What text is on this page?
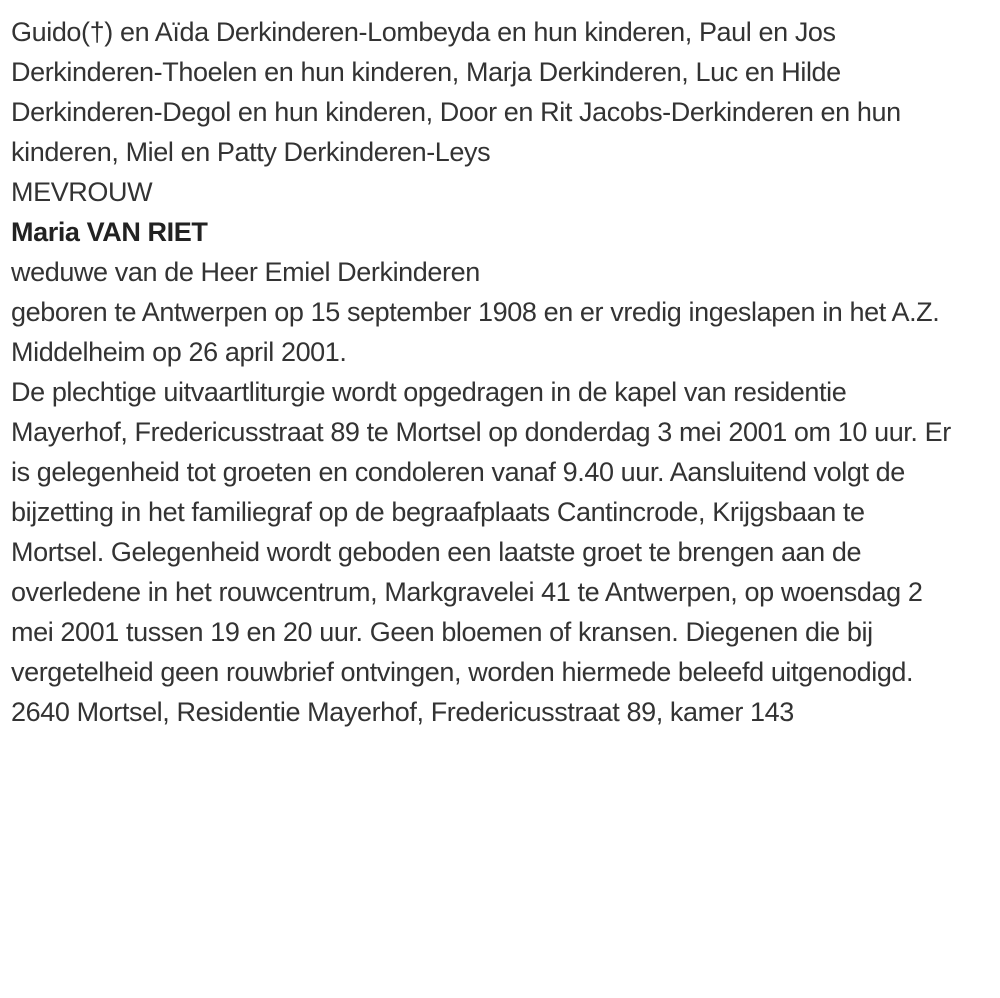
Guido(†) en Aïda Derkinderen-Lombeyda en hun kinderen, Paul en Jos Derkinderen-Thoelen en hun kinderen, Marja Derkinderen, Luc en Hilde Derkinderen-Degol en hun kinderen, Door en Rit Jacobs-Derkinderen en hun kinderen, Miel en Patty Derkinderen-Leys

MEVROUW

Maria VAN RIET

weduwe van de Heer Emiel Derkinderen

geboren te Antwerpen op 15 september 1908 en er vredig ingeslapen in het A.Z. Middelheim op 26 april 2001.

De plechtige uitvaartliturgie wordt opgedragen in de kapel van residentie Mayerhof, Fredericusstraat 89 te Mortsel op donderdag 3 mei 2001 om 10 uur. Er is gelegenheid tot groeten en condoleren vanaf 9.40 uur. Aansluitend volgt de bijzetting in het familiegraf op de begraafplaats Cantincrode, Krijgsbaan te Mortsel. Gelegenheid wordt geboden een laatste groet te brengen aan de overledene in het rouwcentrum, Markgravelei 41 te Antwerpen, op woensdag 2 mei 2001 tussen 19 en 20 uur. Geen bloemen of kransen. Diegenen die bij vergetelheid geen rouwbrief ontvingen, worden hiermede beleefd uitgenodigd.

2640 Mortsel, Residentie Mayerhof, Fredericusstraat 89, kamer 143
